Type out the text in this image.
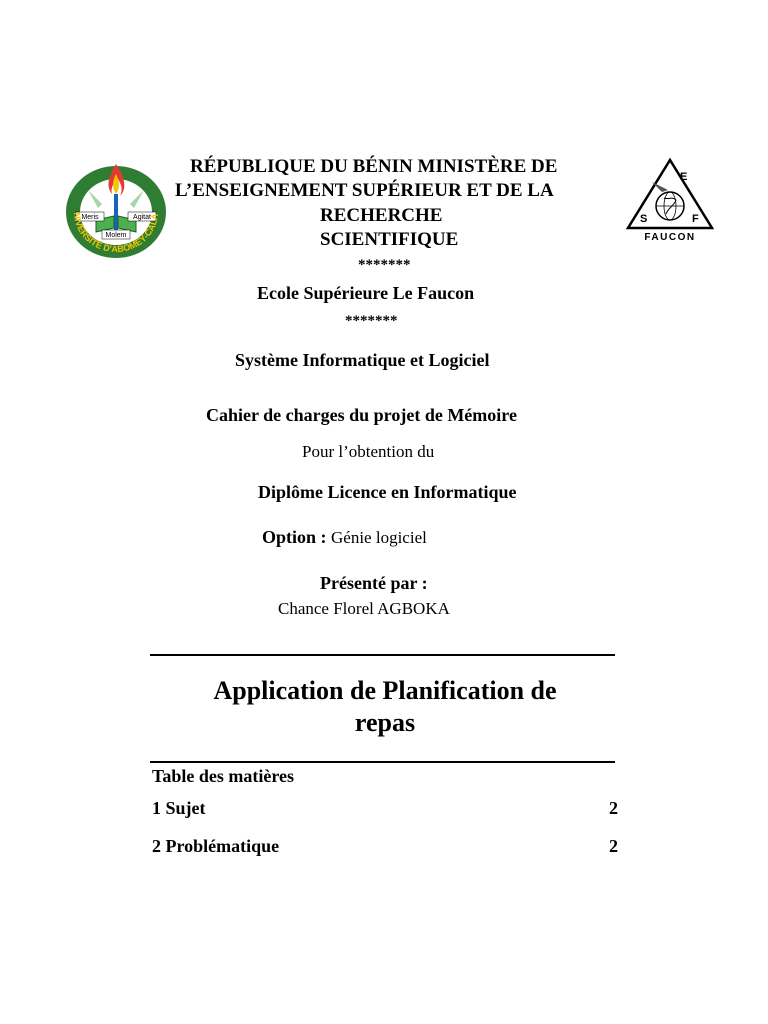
Meris	Agitat
Molem
NIVERSITÉ D'ABOMEY-CALA
E
S	F
FAUCON
RÉPUBLIQUE DU BÉNIN MINISTÈRE DE
L’ENSEIGNEMENT SUPÉRIEUR ET DE LA
RECHERCHE
SCIENTIFIQUE
*******
Ecole Supérieure Le Faucon
*******
Système Informatique et Logiciel
Cahier de charges du projet de Mémoire
Pour l’obtention du
Diplôme Licence en Informatique
Option : Génie logiciel
Présenté par :
Chance Florel AGBOKA
Application de Planification de
repas
Table des matières
1 Sujet	2
2 Problématique	2
